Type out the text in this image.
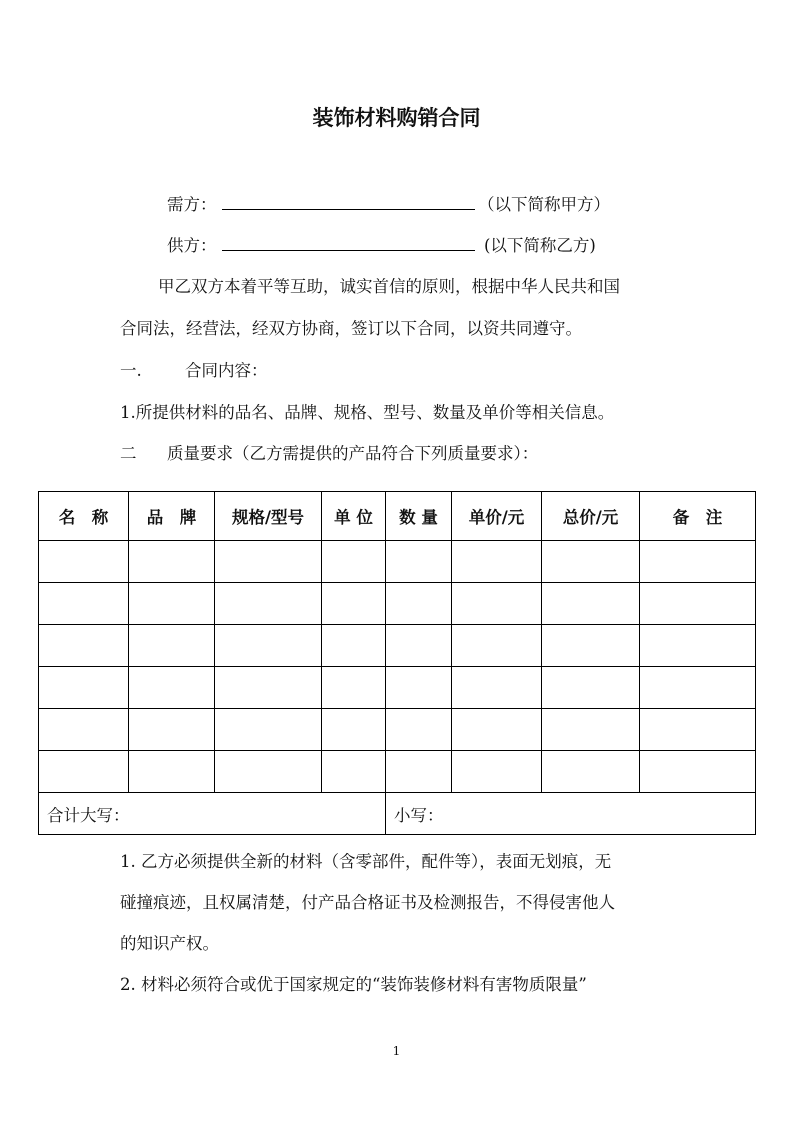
装饰材料购销合同
需方：	（以下简称甲方）
供方：	(以下简称乙方)
甲乙双方本着平等互助，诚实首信的原则，根据中华人民共和国
合同法，经营法，经双方协商，签订以下合同，以资共同遵守。
一.	合同内容：
1.所提供材料的品名、品牌、规格、型号、数量及单价等相关信息。
二 质量要求（乙方需提供的产品符合下列质量要求）：
名　称	品　牌	规格/型号	单 位	数 量	单价/元	总价/元	备　注

合计大写：				小写：			
1. 乙方必须提供全新的材料（含零部件，配件等），表面无划痕，无
碰撞痕迹，且权属清楚，付产品合格证书及检测报告，不得侵害他人
的知识产权。
2. 材料必须符合或优于国家规定的“装饰装修材料有害物质限量”
1
